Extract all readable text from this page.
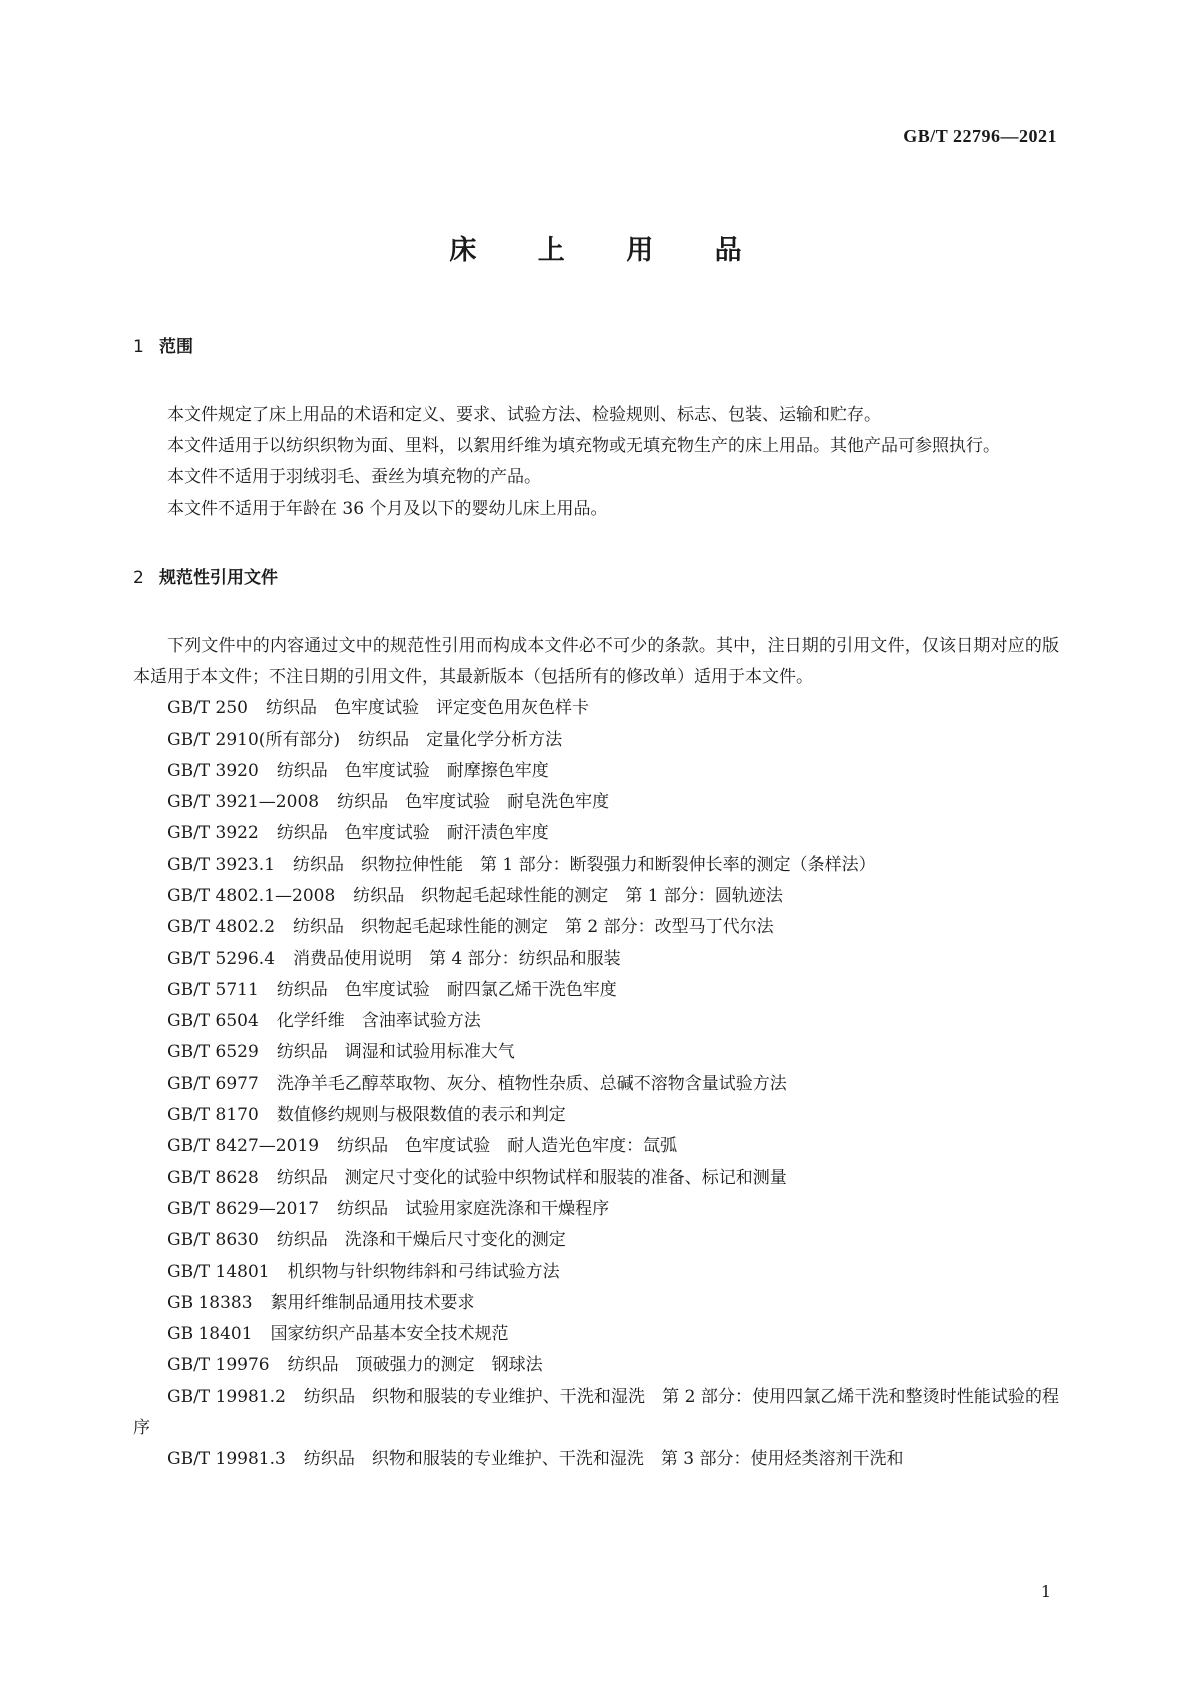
GB/T 22796—2021
床 上 用 品
1 范围

本文件规定了床上用品的术语和定义、要求、试验方法、检验规则、标志、包装、运输和贮存。

本文件适用于以纺织织物为面、里料，以絮用纤维为填充物或无填充物生产的床上用品。其他产品可参照执行。

本文件不适用于羽绒羽毛、蚕丝为填充物的产品。

本文件不适用于年龄在 36 个月及以下的婴幼儿床上用品。

2 规范性引用文件

下列文件中的内容通过文中的规范性引用而构成本文件必不可少的条款。其中，注日期的引用文件，仅该日期对应的版本适用于本文件；不注日期的引用文件，其最新版本（包括所有的修改单）适用于本文件。

GB/T 250 纺织品　色牢度试验　评定变色用灰色样卡

GB/T 2910(所有部分) 纺织品　定量化学分析方法

GB/T 3920 纺织品　色牢度试验　耐摩擦色牢度

GB/T 3921—2008 纺织品　色牢度试验　耐皂洗色牢度

GB/T 3922 纺织品　色牢度试验　耐汗渍色牢度

GB/T 3923.1 纺织品　织物拉伸性能　第 1 部分：断裂强力和断裂伸长率的测定（条样法）

GB/T 4802.1—2008 纺织品　织物起毛起球性能的测定　第 1 部分：圆轨迹法

GB/T 4802.2 纺织品　织物起毛起球性能的测定　第 2 部分：改型马丁代尔法

GB/T 5296.4 消费品使用说明　第 4 部分：纺织品和服装

GB/T 5711 纺织品　色牢度试验　耐四氯乙烯干洗色牢度

GB/T 6504 化学纤维　含油率试验方法

GB/T 6529 纺织品　调湿和试验用标准大气

GB/T 6977 洗净羊毛乙醇萃取物、灰分、植物性杂质、总碱不溶物含量试验方法

GB/T 8170 数值修约规则与极限数值的表示和判定

GB/T 8427—2019 纺织品　色牢度试验　耐人造光色牢度：氙弧

GB/T 8628 纺织品　测定尺寸变化的试验中织物试样和服装的准备、标记和测量

GB/T 8629—2017 纺织品　试验用家庭洗涤和干燥程序

GB/T 8630 纺织品　洗涤和干燥后尺寸变化的测定

GB/T 14801 机织物与针织物纬斜和弓纬试验方法

GB 18383 絮用纤维制品通用技术要求

GB 18401 国家纺织产品基本安全技术规范

GB/T 19976 纺织品　顶破强力的测定　钢球法

GB/T 19981.2 纺织品　织物和服装的专业维护、干洗和湿洗　第 2 部分：使用四氯乙烯干洗和整烫时性能试验的程序

GB/T 19981.3 纺织品　织物和服装的专业维护、干洗和湿洗　第 3 部分：使用烃类溶剂干洗和

1
